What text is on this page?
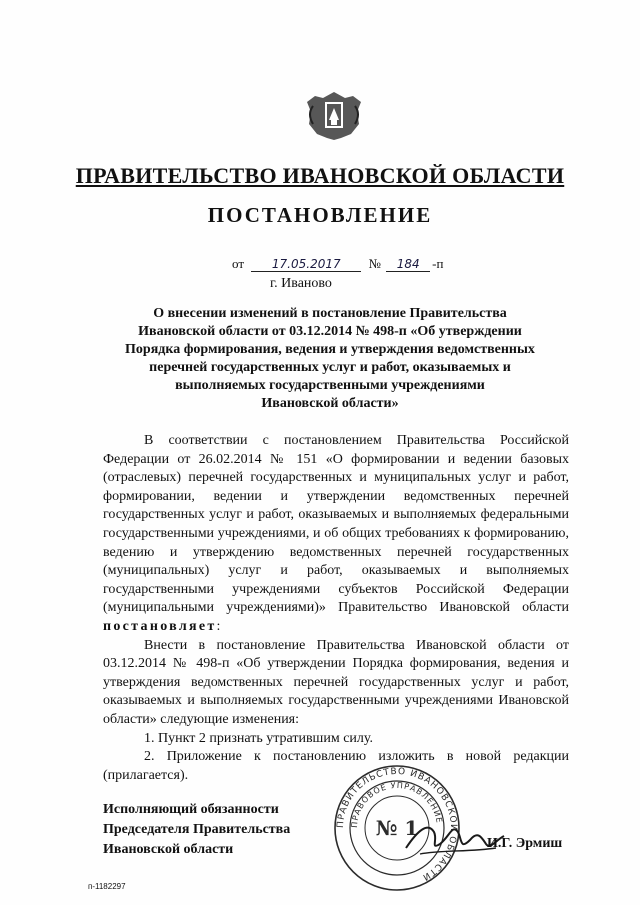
ПРАВИТЕЛЬСТВО ИВАНОВСКОЙ ОБЛАСТИ
ПОСТАНОВЛЕНИЕ
от 17.05.2017 № 184 -п
г. Иваново
О внесении изменений в постановление Правительства
Ивановской области от 03.12.2014 № 498-п «Об утверждении
Порядка формирования, ведения и утверждения ведомственных
перечней государственных услуг и работ, оказываемых и
выполняемых государственными учреждениями
Ивановской области»

В соответствии с постановлением Правительства Российской Федерации от 26.02.2014 № 151 «О формировании и ведении базовых (отраслевых) перечней государственных и муниципальных услуг и работ, формировании, ведении и утверждении ведомственных перечней государственных услуг и работ, оказываемых и выполняемых федеральными государственными учреждениями, и об общих требованиях к формированию, ведению и утверждению ведомственных перечней государственных (муниципальных) услуг и работ, оказываемых и выполняемых государственными учреждениями субъектов Российской Федерации (муниципальными учреждениями)» Правительство Ивановской области постановляет:

Внести в постановление Правительства Ивановской области от 03.12.2014 № 498-п «Об утверждении Порядка формирования, ведения и утверждения ведомственных перечней государственных услуг и работ, оказываемых и выполняемых государственными учреждениями Ивановской области» следующие изменения:

1. Пункт 2 признать утратившим силу.

2. Приложение к постановлению изложить в новой редакции (прилагается).

Исполняющий обязанности
Председателя Правительства
Ивановской области
ПРАВИТЕЛЬСТВО ИВАНОВСКОЙ ОБЛАСТИ
ПРАВОВОЕ УПРАВЛЕНИЕ
№ 1
И.Г. Эрмиш
п-1182297
